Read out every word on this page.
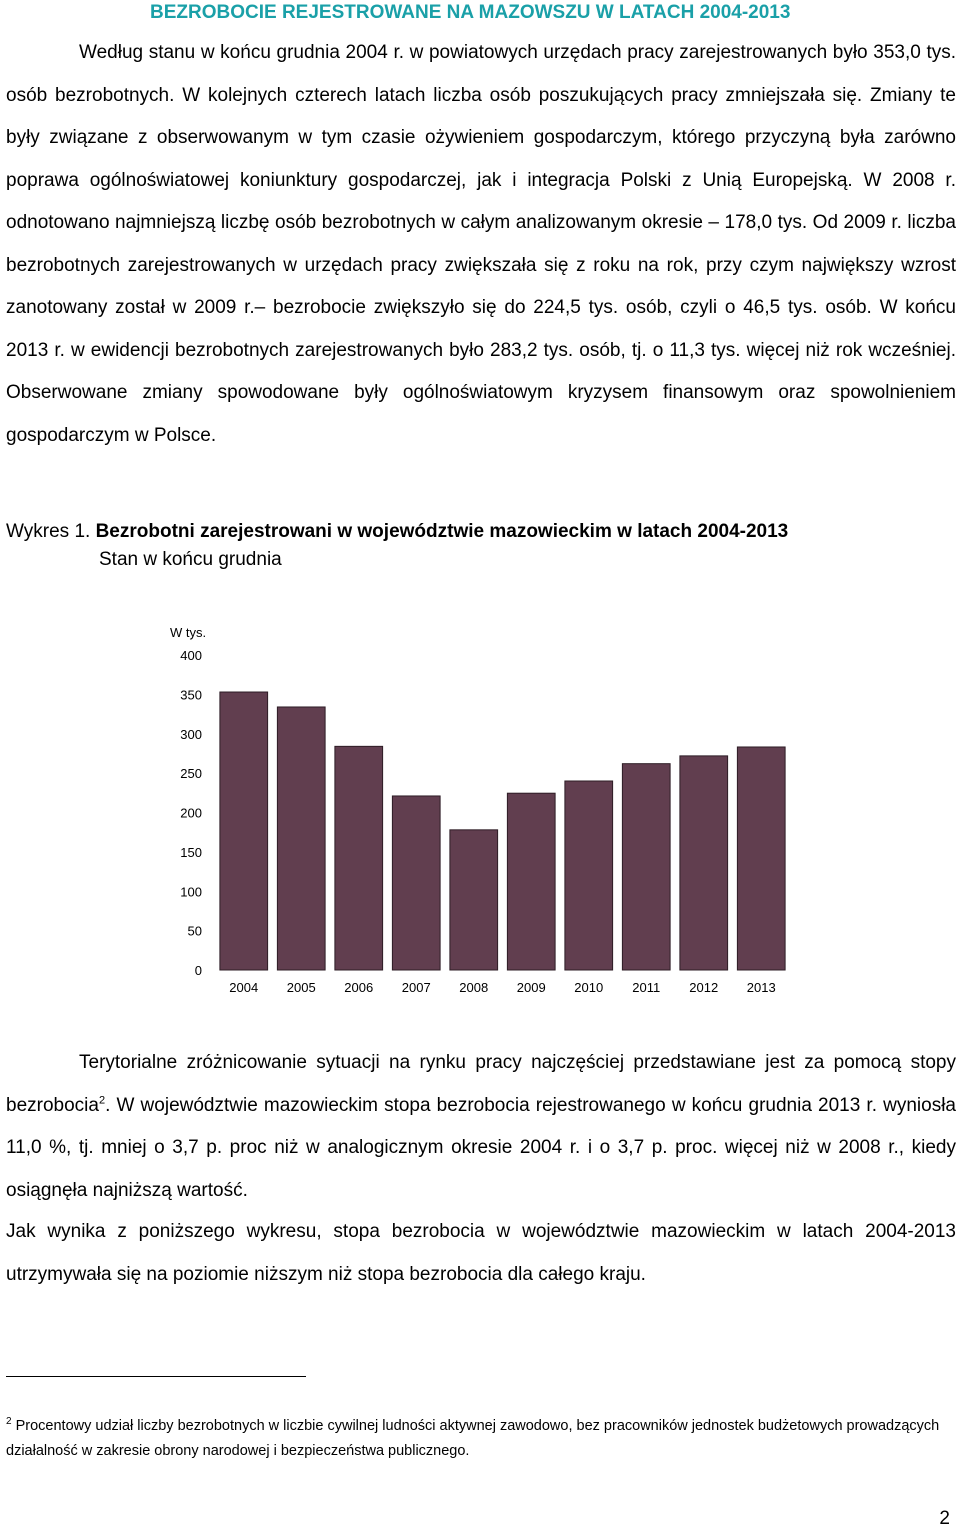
BEZROBOCIE REJESTROWANE NA MAZOWSZU W LATACH 2004-2013

Według stanu w końcu grudnia 2004 r. w powiatowych urzędach pracy zarejestrowanych było 353,0 tys. osób bezrobotnych. W kolejnych czterech latach liczba osób poszukujących pracy zmniejszała się. Zmiany te były związane z obserwowanym w tym czasie ożywieniem gospodarczym, którego przyczyną była zarówno poprawa ogólnoświatowej koniunktury gospodarczej, jak i integracja Polski z Unią Europejską. W 2008 r. odnotowano najmniejszą liczbę osób bezrobotnych w całym analizowanym okresie – 178,0 tys. Od 2009 r. liczba bezrobotnych zarejestrowanych w urzędach pracy zwiększała się z roku na rok, przy czym największy wzrost zanotowany został w 2009 r.– bezrobocie zwiększyło się do 224,5 tys. osób, czyli o 46,5 tys. osób. W końcu 2013 r. w ewidencji bezrobotnych zarejestrowanych było 283,2 tys. osób, tj. o 11,3 tys. więcej niż rok wcześniej. Obserwowane zmiany spowodowane były ogólnoświatowym kryzysem finansowym oraz spowolnieniem gospodarczym w Polsce.

Wykres 1. Bezrobotni zarejestrowani w województwie mazowieckim w latach 2004-2013
Stan w końcu grudnia
W tys.
0
50
100
150
200
250
300
350
400
2004 2005 2006 2007 2008 2009 2010 2011 2012 2013

Terytorialne zróżnicowanie sytuacji na rynku pracy najczęściej przedstawiane jest za pomocą stopy bezrobocia$^2$. W województwie mazowieckim stopa bezrobocia rejestrowanego w końcu grudnia 2013 r. wyniosła 11,0 %, tj. mniej o 3,7 p. proc niż w analogicznym okresie 2004 r. i o 3,7 p. proc. więcej niż w 2008 r., kiedy osiągnęła najniższą wartość.

Jak wynika z poniższego wykresu, stopa bezrobocia w województwie mazowieckim w latach 2004-2013 utrzymywała się na poziomie niższym niż stopa bezrobocia dla całego kraju.

$^2$ Procentowy udział liczby bezrobotnych w liczbie cywilnej ludności aktywnej zawodowo, bez pracowników jednostek budżetowych prowadzących działalność w zakresie obrony narodowej i bezpieczeństwa publicznego.
2
